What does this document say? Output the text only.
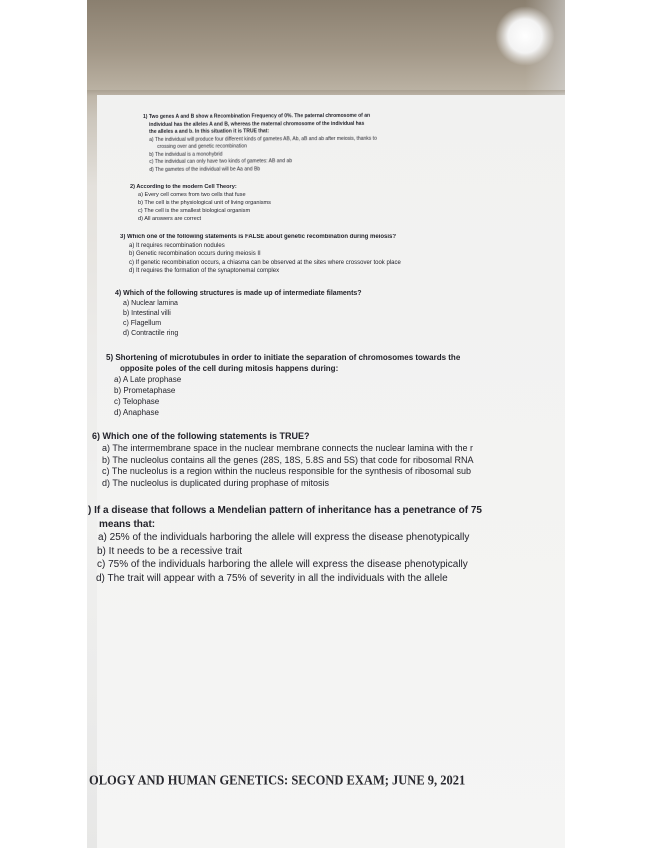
1) Two genes A and B show a Recombination Frequency of 0%. The paternal chromosome of an
individual has the alleles A and B, whereas the maternal chromosome of the individual has
the alleles a and b. In this situation it is TRUE that:
a) The individual will produce four different kinds of gametes AB, Ab, aB and ab after meiosis, thanks to
crossing over and genetic recombination
b) The individual is a monohybrid
c) The individual can only have two kinds of gametes: AB and ab
d) The gametes of the individual will be Aa and Bb
2) According to the modern Cell Theory:
a) Every cell comes from two cells that fuse
b) The cell is the physiological unit of living organisms
c) The cell is the smallest biological organism
d) All answers are correct
3) Which one of the following statements is FALSE about genetic recombination during meiosis?
a) It requires recombination nodules
b) Genetic recombination occurs during meiosis II
c) If genetic recombination occurs, a chiasma can be observed at the sites where crossover took place
d) It requires the formation of the synaptonemal complex
4) Which of the following structures is made up of intermediate filaments?
a) Nuclear lamina
b) Intestinal villi
c) Flagellum
d) Contractile ring
5) Shortening of microtubules in order to initiate the separation of chromosomes towards the
opposite poles of the cell during mitosis happens during:
a) A Late prophase
b) Prometaphase
c) Telophase
d) Anaphase
6) Which one of the following statements is TRUE?
a) The intermembrane space in the nuclear membrane connects the nuclear lamina with the r
b) The nucleolus contains all the genes (28S, 18S, 5.8S and 5S) that code for ribosomal RNA
c) The nucleolus is a region within the nucleus responsible for the synthesis of ribosomal sub
d) The nucleolus is duplicated during prophase of mitosis
) If a disease that follows a Mendelian pattern of inheritance has a penetrance of 75
means that:
a) 25% of the individuals harboring the allele will express the disease phenotypically
b) It needs to be a recessive trait
c) 75% of the individuals harboring the allele will express the disease phenotypically
d) The trait will appear with a 75% of severity in all the individuals with the allele
OLOGY AND HUMAN GENETICS: SECOND EXAM; JUNE 9, 2021
